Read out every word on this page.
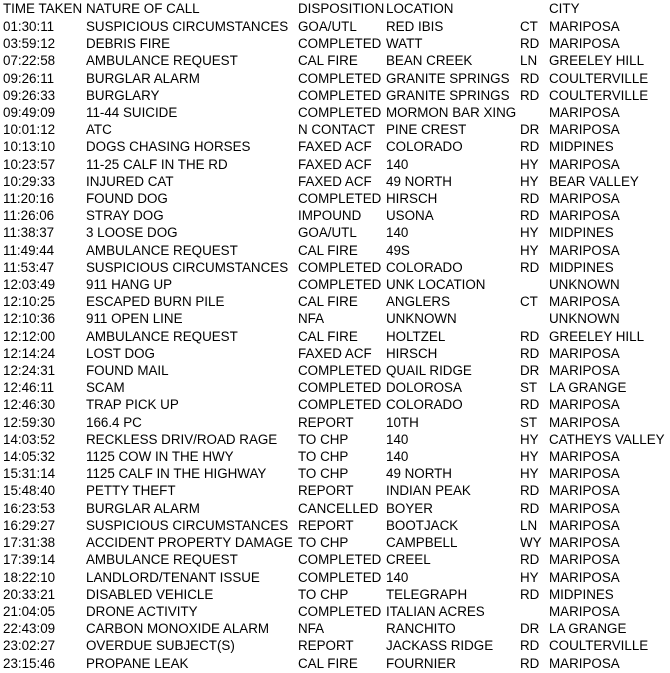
TIME TAKEN	NATURE OF CALL	DISPOSITION	LOCATION		CITY
01:30:11	SUSPICIOUS CIRCUMSTANCES	GOA/UTL	RED IBIS	CT	MARIPOSA
03:59:12	DEBRIS FIRE	COMPLETED	WATT	RD	MARIPOSA
07:22:58	AMBULANCE REQUEST	CAL FIRE	BEAN CREEK	LN	GREELEY HILL
09:26:11	BURGLAR ALARM	COMPLETED	GRANITE SPRINGS	RD	COULTERVILLE
09:26:33	BURGLARY	COMPLETED	GRANITE SPRINGS	RD	COULTERVILLE
09:49:09	11-44 SUICIDE	COMPLETED	MORMON BAR XING		MARIPOSA
10:01:12	ATC	N CONTACT	PINE CREST	DR	MARIPOSA
10:13:10	DOGS CHASING HORSES	FAXED ACF	COLORADO	RD	MIDPINES
10:23:57	11-25 CALF IN THE RD	FAXED ACF	140	HY	MARIPOSA
10:29:33	INJURED CAT	FAXED ACF	49 NORTH	HY	BEAR VALLEY
11:20:16	FOUND DOG	COMPLETED	HIRSCH	RD	MARIPOSA
11:26:06	STRAY DOG	IMPOUND	USONA	RD	MARIPOSA
11:38:37	3 LOOSE DOG	GOA/UTL	140	HY	MIDPINES
11:49:44	AMBULANCE REQUEST	CAL FIRE	49S	HY	MARIPOSA
11:53:47	SUSPICIOUS CIRCUMSTANCES	COMPLETED	COLORADO	RD	MIDPINES
12:03:49	911 HANG UP	COMPLETED	UNK LOCATION		UNKNOWN
12:10:25	ESCAPED BURN PILE	CAL FIRE	ANGLERS	CT	MARIPOSA
12:10:36	911 OPEN LINE	NFA	UNKNOWN		UNKNOWN
12:12:00	AMBULANCE REQUEST	CAL FIRE	HOLTZEL	RD	GREELEY HILL
12:14:24	LOST DOG	FAXED ACF	HIRSCH	RD	MARIPOSA
12:24:31	FOUND MAIL	COMPLETED	QUAIL RIDGE	DR	MARIPOSA
12:46:11	SCAM	COMPLETED	DOLOROSA	ST	LA GRANGE
12:46:30	TRAP PICK UP	COMPLETED	COLORADO	RD	MARIPOSA
12:59:30	166.4 PC	REPORT	10TH	ST	MARIPOSA
14:03:52	RECKLESS DRIV/ROAD RAGE	TO CHP	140	HY	CATHEYS VALLEY
14:05:32	1125 COW IN THE HWY	TO CHP	140	HY	MARIPOSA
15:31:14	1125 CALF IN THE HIGHWAY	TO CHP	49 NORTH	HY	MARIPOSA
15:48:40	PETTY THEFT	REPORT	INDIAN PEAK	RD	MARIPOSA
16:23:53	BURGLAR ALARM	CANCELLED	BOYER	RD	MARIPOSA
16:29:27	SUSPICIOUS CIRCUMSTANCES	REPORT	BOOTJACK	LN	MARIPOSA
17:31:38	ACCIDENT PROPERTY DAMAGE	TO CHP	CAMPBELL	WY	MARIPOSA
17:39:14	AMBULANCE REQUEST	COMPLETED	CREEL	RD	MARIPOSA
18:22:10	LANDLORD/TENANT ISSUE	COMPLETED	140	HY	MARIPOSA
20:33:21	DISABLED VEHICLE	TO CHP	TELEGRAPH	RD	MIDPINES
21:04:05	DRONE ACTIVITY	COMPLETED	ITALIAN ACRES		MARIPOSA
22:43:09	CARBON MONOXIDE ALARM	NFA	RANCHITO	DR	LA GRANGE
23:02:27	OVERDUE SUBJECT(S)	REPORT	JACKASS RIDGE	RD	COULTERVILLE
23:15:46	PROPANE LEAK	CAL FIRE	FOURNIER	RD	MARIPOSA
